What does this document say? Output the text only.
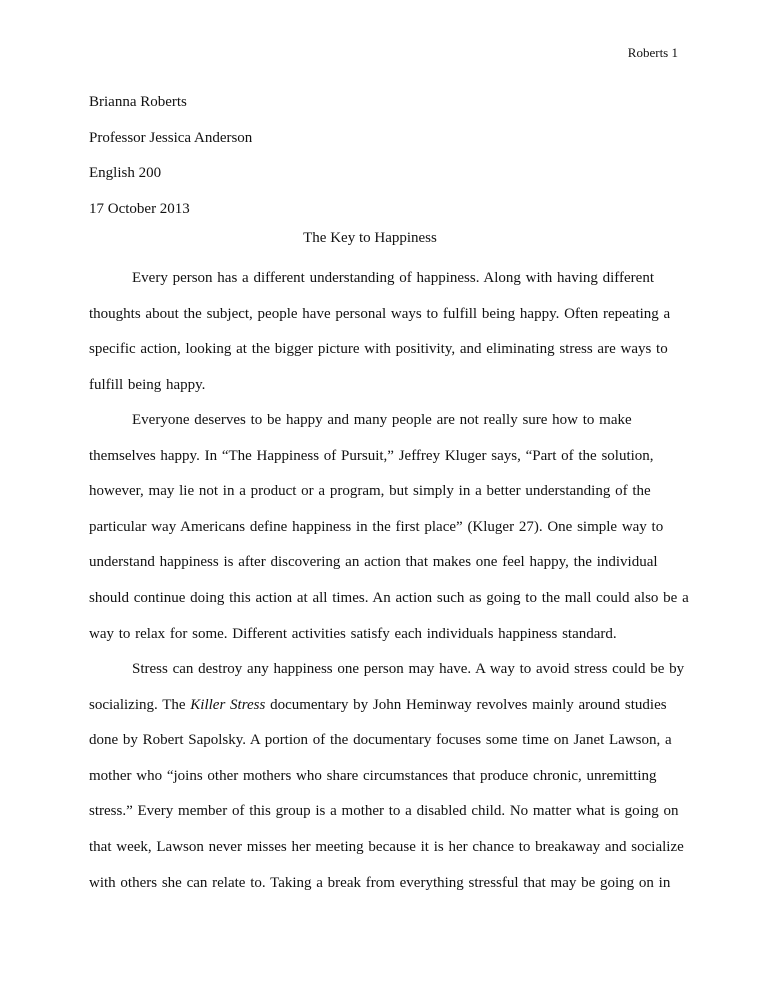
Roberts 1
Brianna Roberts
Professor Jessica Anderson
English 200
17 October 2013
The Key to Happiness
Every person has a different understanding of happiness. Along with having different thoughts about the subject, people have personal ways to fulfill being happy. Often repeating a specific action, looking at the bigger picture with positivity, and eliminating stress are ways to fulfill being happy.
Everyone deserves to be happy and many people are not really sure how to make themselves happy. In “The Happiness of Pursuit,” Jeffrey Kluger says, “Part of the solution, however, may lie not in a product or a program, but simply in a better understanding of the particular way Americans define happiness in the first place” (Kluger 27). One simple way to understand happiness is after discovering an action that makes one feel happy, the individual should continue doing this action at all times. An action such as going to the mall could also be a way to relax for some. Different activities satisfy each individuals happiness standard.
Stress can destroy any happiness one person may have. A way to avoid stress could be by socializing. The Killer Stress documentary by John Heminway revolves mainly around studies done by Robert Sapolsky. A portion of the documentary focuses some time on Janet Lawson, a mother who “joins other mothers who share circumstances that produce chronic, unremitting stress.” Every member of this group is a mother to a disabled child. No matter what is going on that week, Lawson never misses her meeting because it is her chance to breakaway and socialize with others she can relate to. Taking a break from everything stressful that may be going on in
